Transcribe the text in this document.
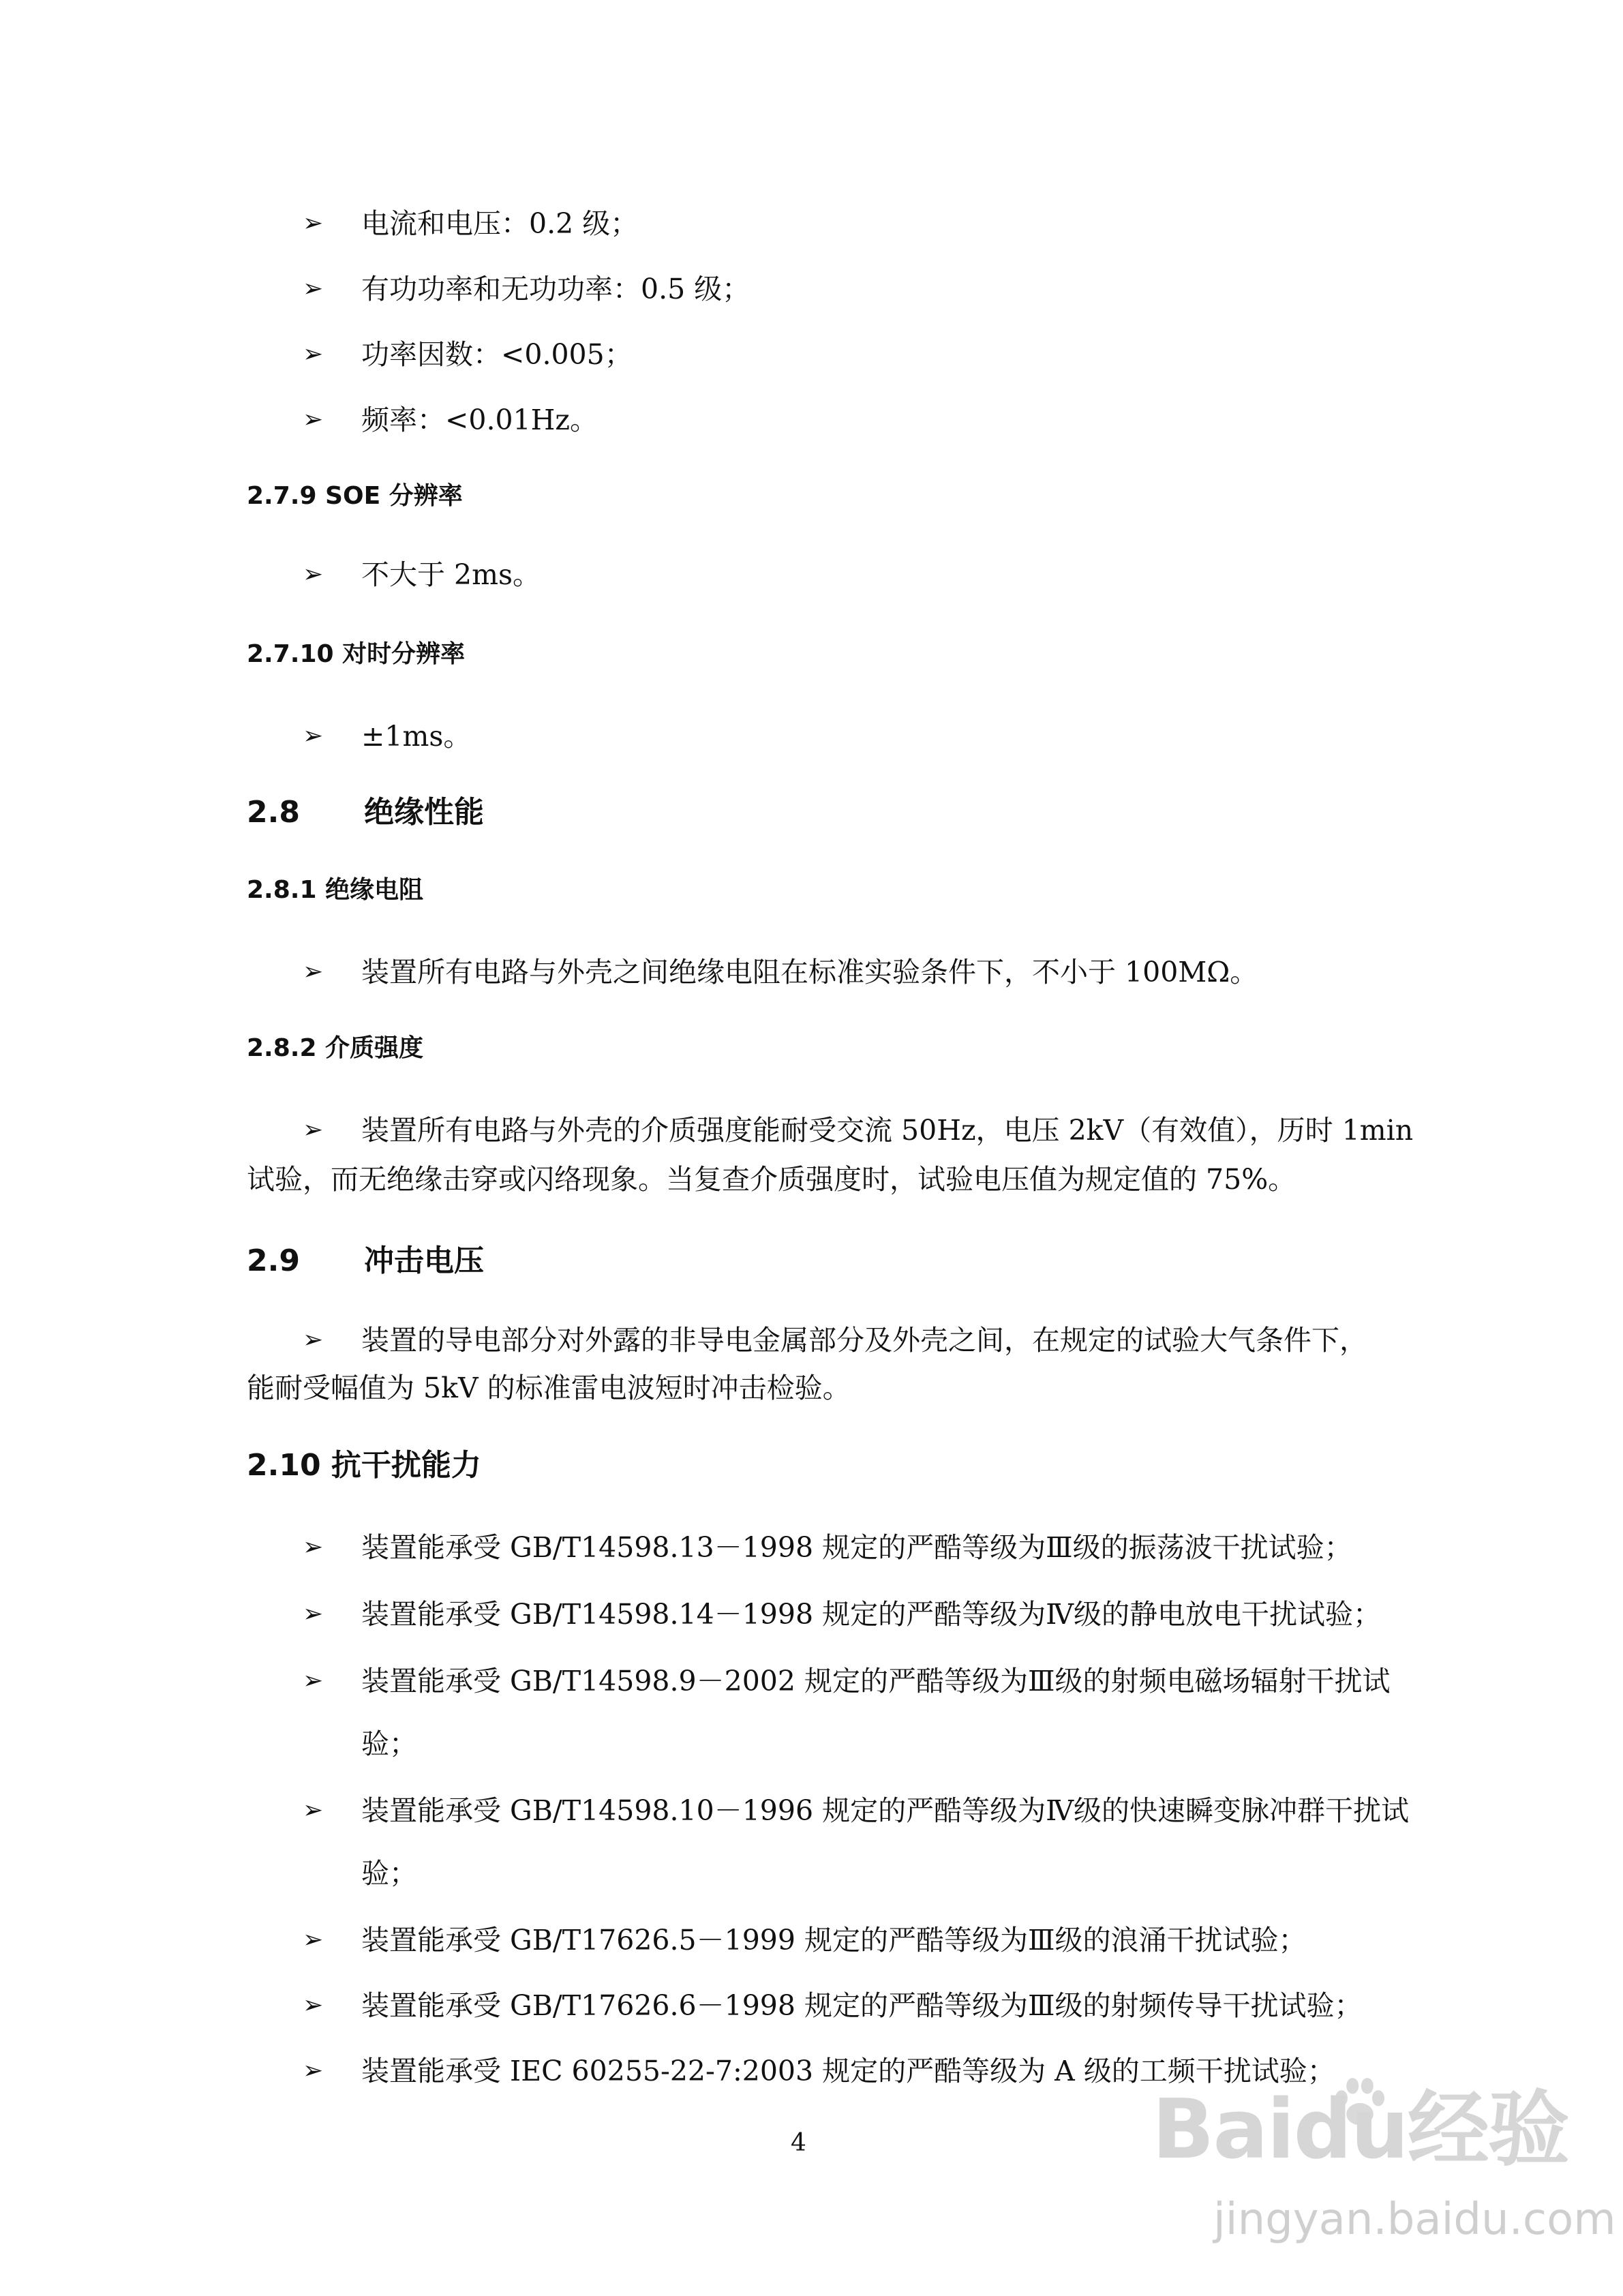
➢ 电流和电压：0.2 级；
➢ 有功功率和无功功率：0.5 级；
➢ 功率因数：<0.005；
➢ 频率：<0.01Hz。
2.7.9 SOE 分辨率
➢ 不大于 2ms。
2.7.10 对时分辨率
➢ ±1ms。
2.8 绝缘性能
2.8.1 绝缘电阻
➢ 装置所有电路与外壳之间绝缘电阻在标准实验条件下，不小于 100MΩ。
2.8.2 介质强度
➢ 装置所有电路与外壳的介质强度能耐受交流 50Hz，电压 2kV（有效值），历时 1min
试验，而无绝缘击穿或闪络现象。当复查介质强度时，试验电压值为规定值的 75%。
2.9 冲击电压
➢ 装置的导电部分对外露的非导电金属部分及外壳之间，在规定的试验大气条件下，
能耐受幅值为 5kV 的标准雷电波短时冲击检验。
2.10 抗干扰能力
➢ 装置能承受 GB/T14598.13－1998 规定的严酷等级为Ⅲ级的振荡波干扰试验；
➢ 装置能承受 GB/T14598.14－1998 规定的严酷等级为Ⅳ级的静电放电干扰试验；
➢ 装置能承受 GB/T14598.9－2002 规定的严酷等级为Ⅲ级的射频电磁场辐射干扰试
验；
➢ 装置能承受 GB/T14598.10－1996 规定的严酷等级为Ⅳ级的快速瞬变脉冲群干扰试
验；
➢ 装置能承受 GB/T17626.5－1999 规定的严酷等级为Ⅲ级的浪涌干扰试验；
➢ 装置能承受 GB/T17626.6－1998 规定的严酷等级为Ⅲ级的射频传导干扰试验；
➢ 装置能承受 IEC 60255-22-7:2003 规定的严酷等级为 A 级的工频干扰试验；
4	Baidu经验
jingyan.baidu.com
